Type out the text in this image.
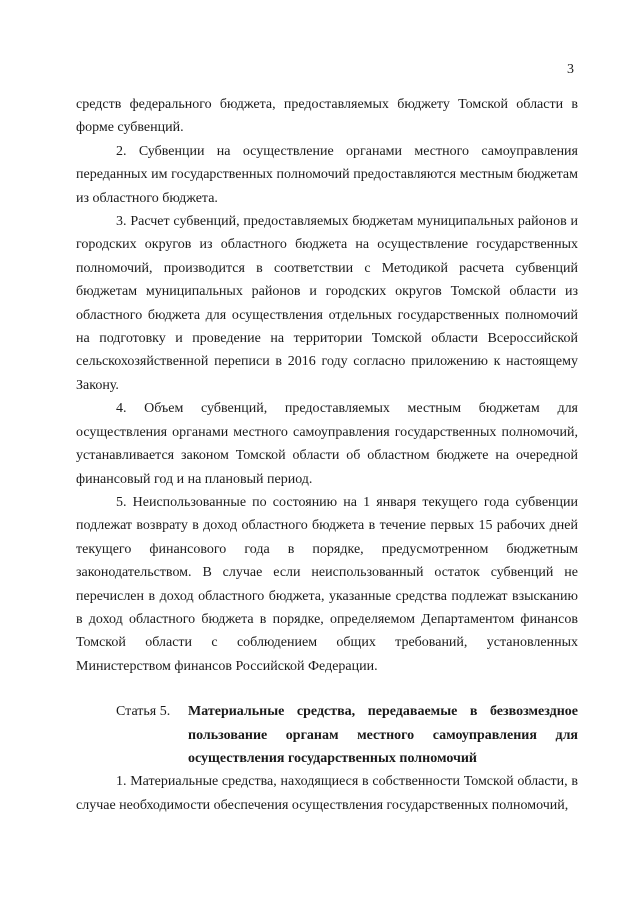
3

средств федерального бюджета, предоставляемых бюджету Томской области в форме субвенций.

2. Субвенции на осуществление органами местного самоуправления переданных им государственных полномочий предоставляются местным бюджетам из областного бюджета.

3. Расчет субвенций, предоставляемых бюджетам муниципальных районов и городских округов из областного бюджета на осуществление государственных полномочий, производится в соответствии с Методикой расчета субвенций бюджетам муниципальных районов и городских округов Томской области из областного бюджета для осуществления отдельных государственных полномочий на подготовку и проведение на территории Томской области Всероссийской сельскохозяйственной переписи в 2016 году согласно приложению к настоящему Закону.

4. Объем субвенций, предоставляемых местным бюджетам для осуществления органами местного самоуправления государственных полномочий, устанавливается законом Томской области об областном бюджете на очередной финансовый год и на плановый период.

5. Неиспользованные по состоянию на 1 января текущего года субвенции подлежат возврату в доход областного бюджета в течение первых 15 рабочих дней текущего финансового года в порядке, предусмотренном бюджетным законодательством. В случае если неиспользованный остаток субвенций не перечислен в доход областного бюджета, указанные средства подлежат взысканию в доход областного бюджета в порядке, определяемом Департаментом финансов Томской области с соблюдением общих требований, установленных Министерством финансов Российской Федерации.

Статья 5.	Материальные средства, передаваемые в безвозмездное пользование органам местного самоуправления для осуществления государственных полномочий

1. Материальные средства, находящиеся в собственности Томской области, в случае необходимости обеспечения осуществления государственных полномочий,
